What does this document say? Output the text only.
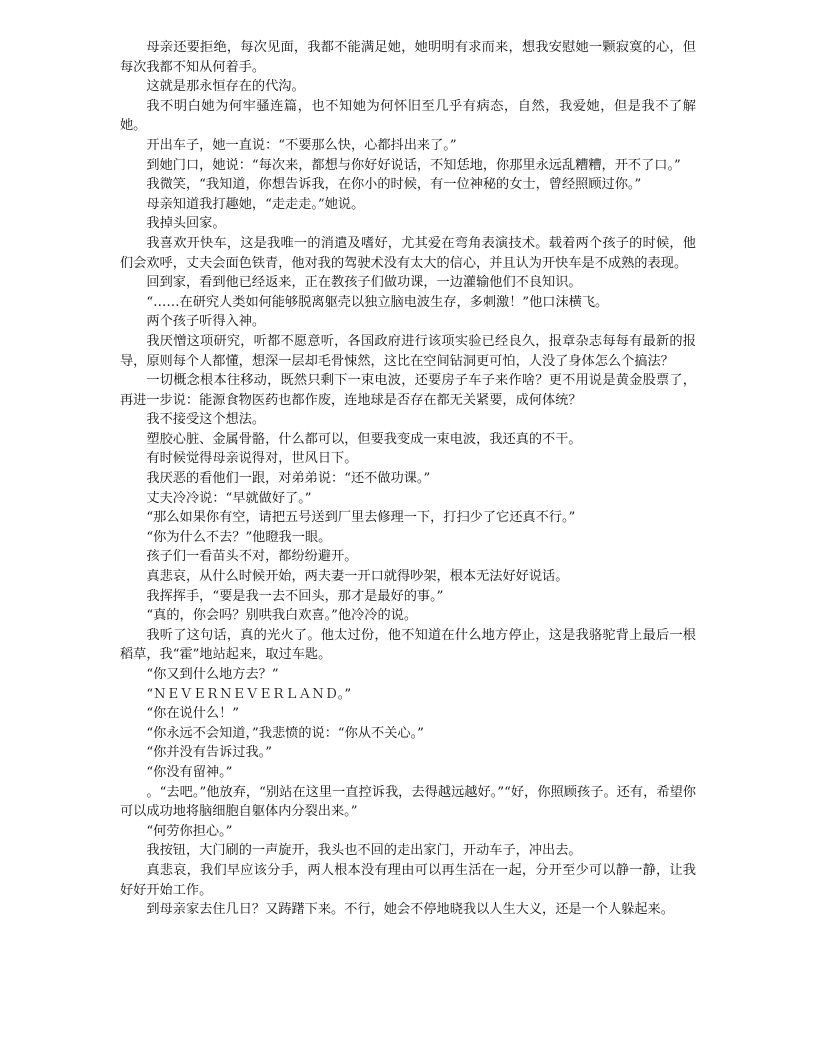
母亲还要拒绝，每次见面，我都不能满足她，她明明有求而来，想我安慰她一颗寂寞的心，但每次我都不知从何着手。

这就是那永恒存在的代沟。

我不明白她为何牢骚连篇，也不知她为何怀旧至几乎有病态，自然，我爱她，但是我不了解她。

开出车子，她一直说：“不要那么快，心都抖出来了。”

到她门口，她说：“每次来，都想与你好好说话，不知恁地，你那里永远乱糟糟，开不了口。”

我微笑，“我知道，你想告诉我，在你小的时候，有一位神秘的女士，曾经照顾过你。”

母亲知道我打趣她，“走走走。”她说。

我掉头回家。

我喜欢开快车，这是我唯一的消遣及嗜好，尤其爱在弯角表演技术。载着两个孩子的时候，他们会欢呼，丈夫会面色铁青，他对我的驾驶术没有太大的信心，并且认为开快车是不成熟的表现。

回到家，看到他已经返来，正在教孩子们做功课，一边灌输他们不良知识。

“……在研究人类如何能够脱离躯壳以独立脑电波生存，多刺激！”他口沫横飞。

两个孩子听得入神。

我厌憎这项研究，听都不愿意听，各国政府进行该项实验已经良久，报章杂志每每有最新的报导，原则每个人都懂，想深一层却毛骨悚然，这比在空间钻洞更可怕，人没了身体怎么个搞法？

一切概念根本往移动，既然只剩下一束电波，还要房子车子来作啥？更不用说是黄金股票了，再进一步说：能源食物医药也都作废，连地球是否存在都无关紧要，成何体统？

我不接受这个想法。

塑胶心脏、金属骨骼，什么都可以，但要我变成一束电波，我还真的不干。

有时候觉得母亲说得对，世风日下。

我厌恶的看他们一跟，对弟弟说：“还不做功课。”

丈夫冷冷说：“早就做好了。”

“那么如果你有空，请把五号送到厂里去修理一下，打扫少了它还真不行。”

“你为什么不去？”他瞪我一眼。

孩子们一看苗头不对，都纷纷避开。

真悲哀，从什么时候开始，两夫妻一开口就得吵架，根本无法好好说话。

我挥挥手，“要是我一去不回头，那才是最好的事。”

“真的，你会吗？别哄我白欢喜。”他冷冷的说。

我听了这句话，真的光火了。他太过份，他不知道在什么地方停止，这是我骆驼背上最后一根稻草，我“霍”地站起来，取过车匙。

“你又到什么地方去？”

“ＮＥＶＥＲＮＥＶＥＲＬＡＮＤ。”

“你在说什么！”

“你永远不会知道，”我悲愤的说：“你从不关心。”

“你并没有告诉过我。”

“你没有留神。”

。“去吧。”他放弃，“别站在这里一直控诉我，去得越远越好。”“好，你照顾孩子。还有，希望你可以成功地将脑细胞自躯体内分裂出来。”

“何劳你担心。”

我按钮，大门刷的一声旋开，我头也不回的走出家门，开动车子，冲出去。

真悲哀，我们早应该分手，两人根本没有理由可以再生活在一起，分开至少可以静一静，让我好好开始工作。

到母亲家去住几日？又踌躇下来。不行，她会不停地晓我以人生大义，还是一个人躲起来。
